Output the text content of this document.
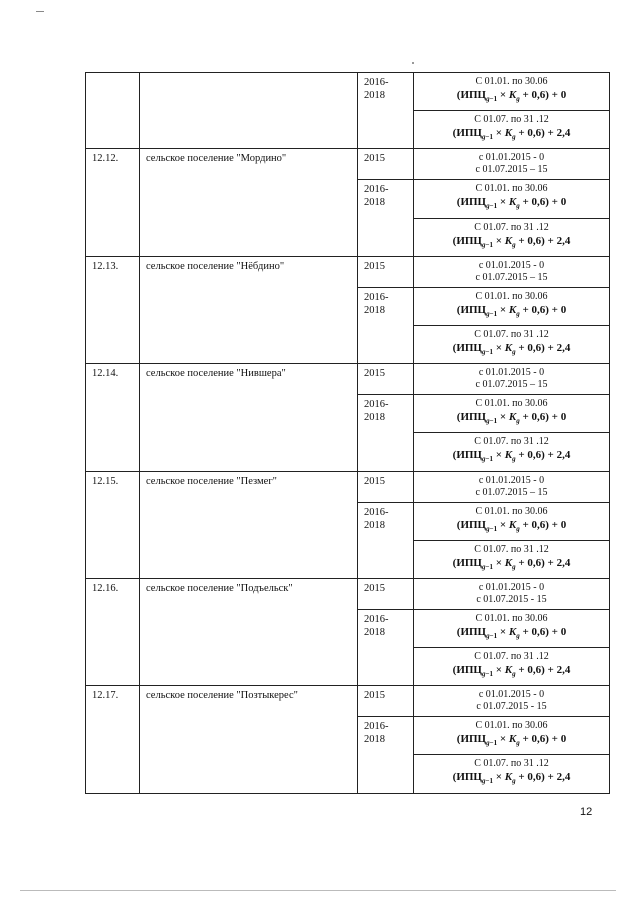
		2016-2018	С 01.01. по 30.06
$(ИПЦ_{g-1} \times K_g + 0,6) + 0$

			С 01.07. по 31 .12
$(ИПЦ_{g-1} \times K_g + 0,6) + 2,4$

12.12.	сельское поселение "Мордино"	2015	с 01.01.2015 - 0
с 01.07.2015 – 15

		2016-2018	С 01.01. по 30.06
$(ИПЦ_{g-1} \times K_g + 0,6) + 0$

			С 01.07. по 31 .12
$(ИПЦ_{g-1} \times K_g + 0,6) + 2,4$

12.13.	сельское поселение "Нёбдино"	2015	с 01.01.2015 - 0
с 01.07.2015 – 15

		2016-2018	С 01.01. по 30.06
$(ИПЦ_{g-1} \times K_g + 0,6) + 0$

			С 01.07. по 31 .12
$(ИПЦ_{g-1} \times K_g + 0,6) + 2,4$

12.14.	сельское поселение "Нившера"	2015	с 01.01.2015 - 0
с 01.07.2015 – 15

		2016-2018	С 01.01. по 30.06
$(ИПЦ_{g-1} \times K_g + 0,6) + 0$

			С 01.07. по 31 .12
$(ИПЦ_{g-1} \times K_g + 0,6) + 2,4$

12.15.	сельское поселение "Пезмег"	2015	с 01.01.2015 - 0
с 01.07.2015 – 15

		2016-2018	С 01.01. по 30.06
$(ИПЦ_{g-1} \times K_g + 0,6) + 0$

			С 01.07. по 31 .12
$(ИПЦ_{g-1} \times K_g + 0,6) + 2,4$

12.16.	сельское поселение "Подъельск"	2015	с 01.01.2015 - 0
с 01.07.2015 - 15

		2016-2018	С 01.01. по 30.06
$(ИПЦ_{g-1} \times K_g + 0,6) + 0$

			С 01.07. по 31 .12
$(ИПЦ_{g-1} \times K_g + 0,6) + 2,4$

12.17.	сельское поселение "Позтыкерес"	2015	с 01.01.2015 - 0
с 01.07.2015 - 15

		2016-2018	С 01.01. по 30.06
$(ИПЦ_{g-1} \times K_g + 0,6) + 0$

			С 01.07. по 31 .12
$(ИПЦ_{g-1} \times K_g + 0,6) + 2,4$
12
